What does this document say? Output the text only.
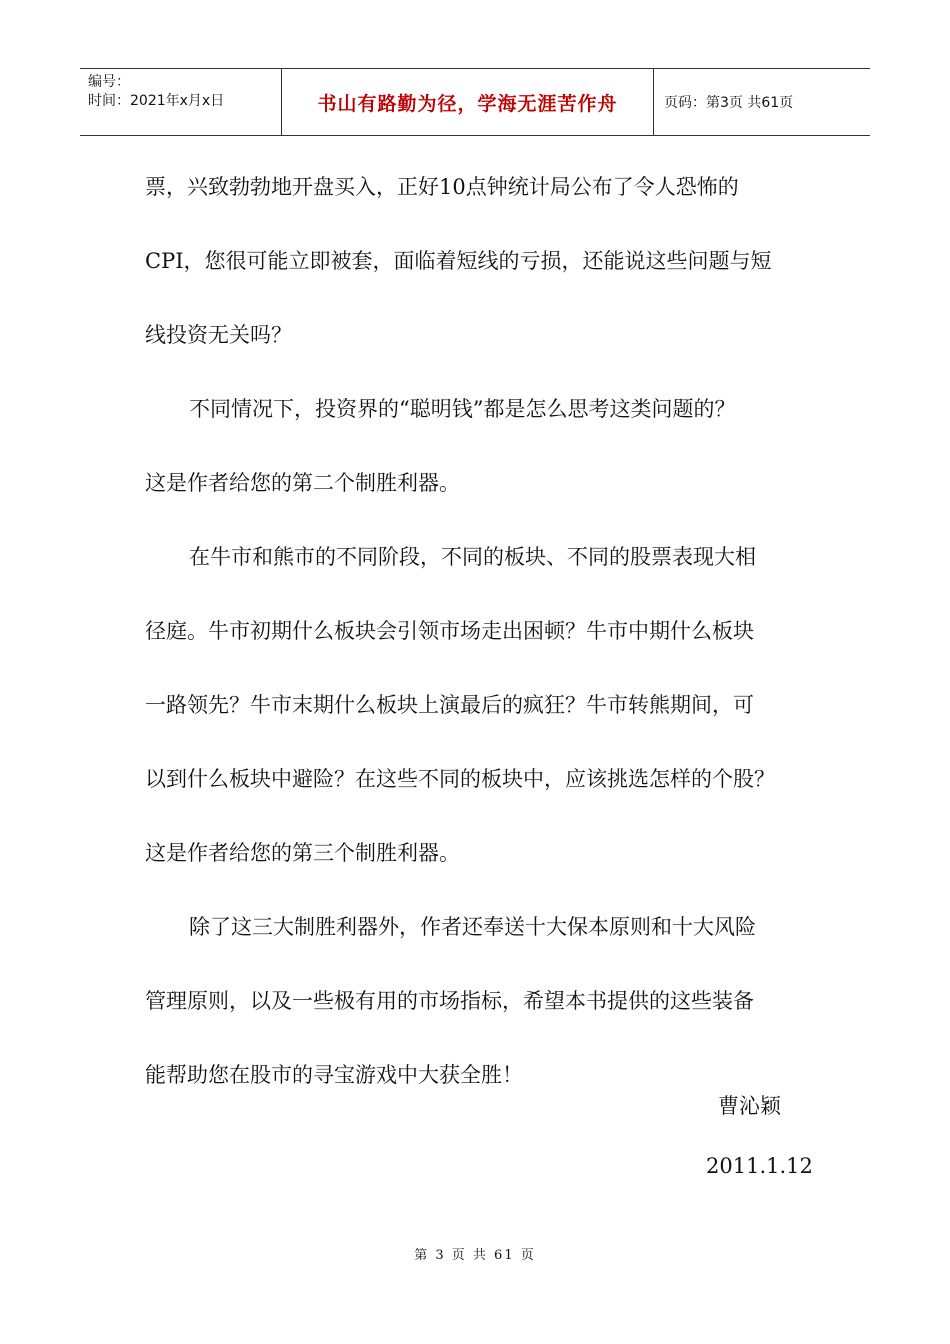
编号：
时间：2021年x月x日	书山有路勤为径，学海无涯苦作舟	页码：第3页 共61页
票，兴致勃勃地开盘买入，正好10点钟统计局公布了令人恐怖的
CPI，您很可能立即被套，面临着短线的亏损，还能说这些问题与短
线投资无关吗？
不同情况下，投资界的“聪明钱”都是怎么思考这类问题的？
这是作者给您的第二个制胜利器。
在牛市和熊市的不同阶段，不同的板块、不同的股票表现大相
径庭。牛市初期什么板块会引领市场走出困顿？牛市中期什么板块
一路领先？牛市末期什么板块上演最后的疯狂？牛市转熊期间，可
以到什么板块中避险？在这些不同的板块中，应该挑选怎样的个股？
这是作者给您的第三个制胜利器。
除了这三大制胜利器外，作者还奉送十大保本原则和十大风险
管理原则，以及一些极有用的市场指标，希望本书提供的这些装备
能帮助您在股市的寻宝游戏中大获全胜！
曹沁颖
2011.1.12
第 3 页 共 61 页
